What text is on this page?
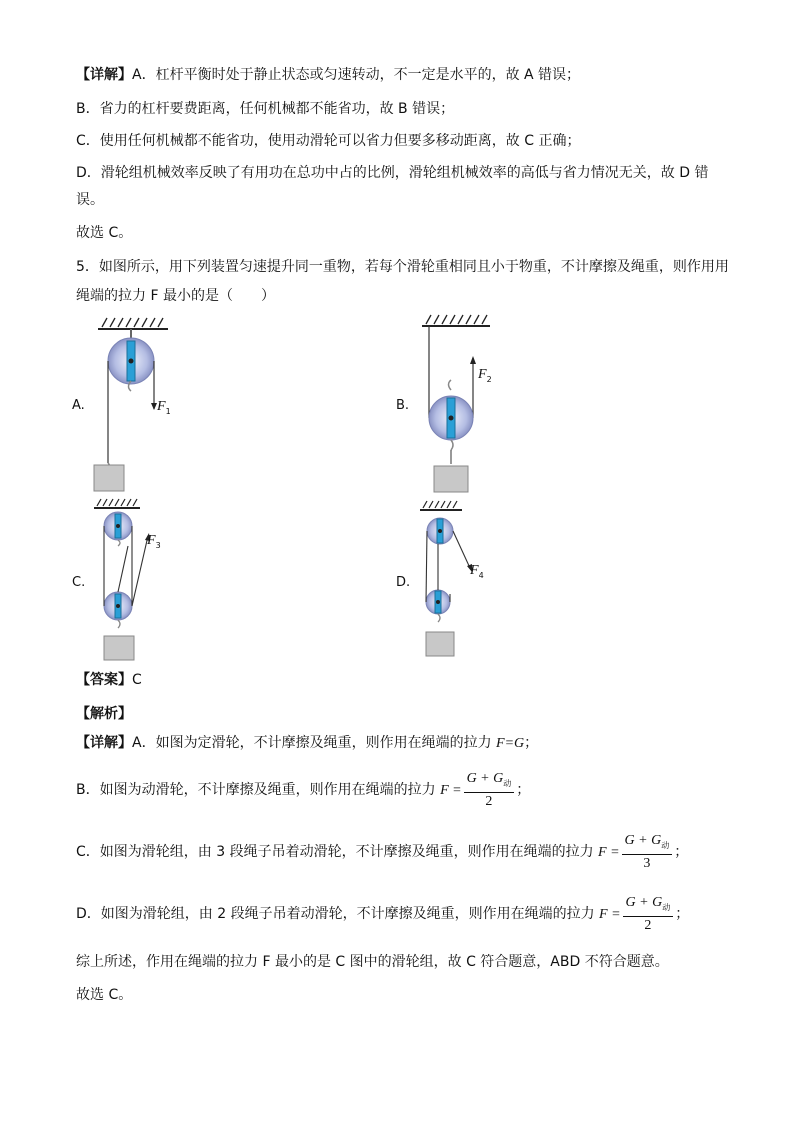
【详解】A．杠杆平衡时处于静止状态或匀速转动，不一定是水平的，故 A 错误；
B．省力的杠杆要费距离，任何机械都不能省功，故 B 错误；
C．使用任何机械都不能省功，使用动滑轮可以省力但要多移动距离，故 C 正确；
D．滑轮组机械效率反映了有用功在总功中占的比例，滑轮组机械效率的高低与省力情况无关，故 D 错
误。
故选 C。
5．如图所示，用下列装置匀速提升同一重物，若每个滑轮重相同且小于物重，不计摩擦及绳重，则作用用
绳端的拉力 F 最小的是（　　）
A.	B.
C.	D.
$F_1$
$F_2$
$F_3$
$F_4$
【答案】C
【解析】
【详解】A．如图为定滑轮，不计摩擦及绳重，则作用在绳端的拉力 F=G；
B．如图为动滑轮，不计摩擦及绳重，则作用在绳端的拉力 $F = \frac{G + G_动}{2}$ ；
C．如图为滑轮组，由 3 段绳子吊着动滑轮，不计摩擦及绳重，则作用在绳端的拉力 $F = \frac{G + G_动}{3}$ ；
D．如图为滑轮组，由 2 段绳子吊着动滑轮，不计摩擦及绳重，则作用在绳端的拉力 $F = \frac{G + G_动}{2}$ ；
综上所述，作用在绳端的拉力 F 最小的是 C 图中的滑轮组，故 C 符合题意，ABD 不符合题意。
故选 C。
